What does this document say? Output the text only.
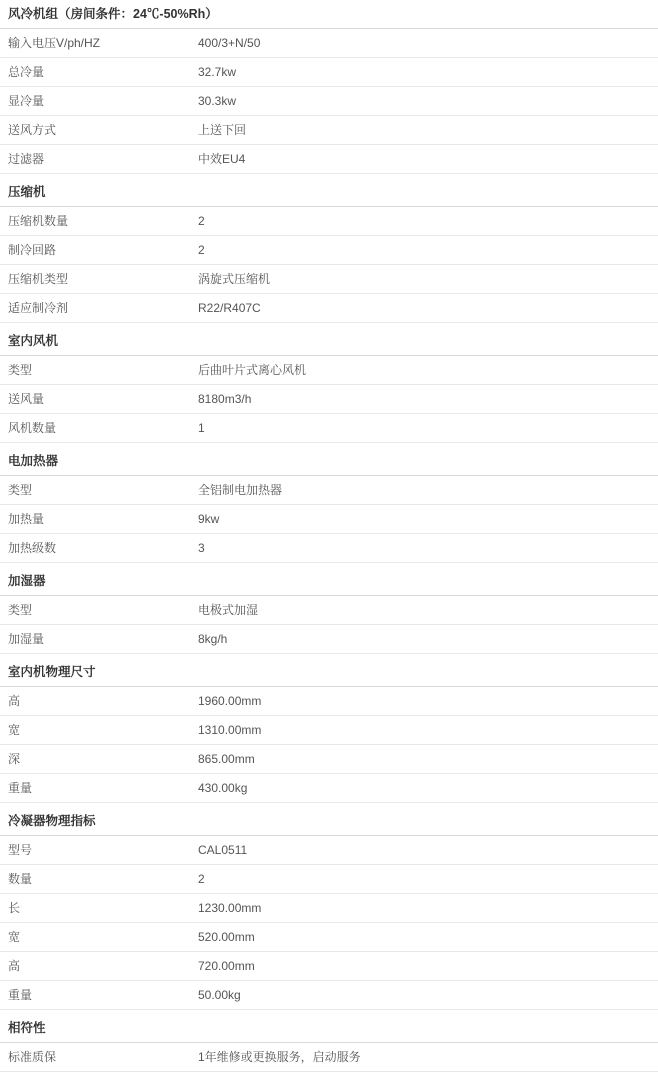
风冷机组（房间条件：24℃-50%Rh）	
输入电压V/ph/HZ	400/3+N/50
总冷量	32.7kw
显冷量	30.3kw
送风方式	上送下回
过滤器	中效EU4
压缩机	
压缩机数量	2
制冷回路	2
压缩机类型	涡旋式压缩机
适应制冷剂	R22/R407C
室内风机	
类型	后曲叶片式离心风机
送风量	8180m3/h
风机数量	1
电加热器	
类型	全铝制电加热器
加热量	9kw
加热级数	3
加湿器	
类型	电极式加湿
加湿量	8kg/h
室内机物理尺寸	
高	1960.00mm
宽	1310.00mm
深	865.00mm
重量	430.00kg
冷凝器物理指标	
型号	CAL0511
数量	2
长	1230.00mm
宽	520.00mm
高	720.00mm
重量	50.00kg
相符性	
标准质保	1年维修或更换服务，启动服务
